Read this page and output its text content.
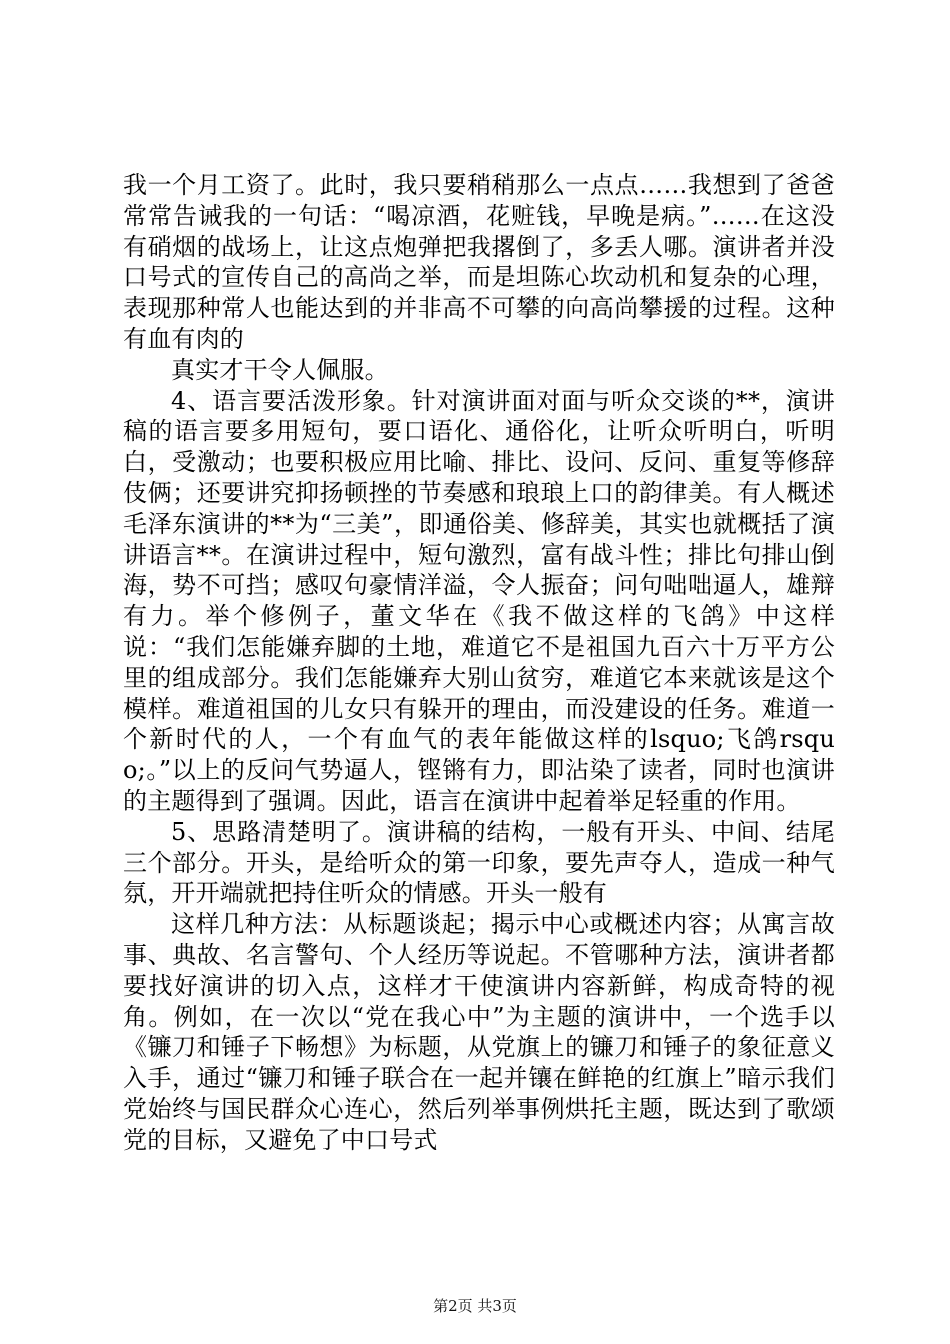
我一个月工资了。此时，我只要稍稍那么一点点……我想到了爸爸常常告诫我的一句话：“喝凉酒，花赃钱，早晚是病。”……在这没有硝烟的战场上，让这点炮弹把我撂倒了，多丢人哪。演讲者并没口号式的宣传自己的高尚之举，而是坦陈心坎动机和复杂的心理，表现那种常人也能达到的并非高不可攀的向高尚攀援的过程。这种有血有肉的

真实才干令人佩服。

4、语言要活泼形象。针对演讲面对面与听众交谈的**，演讲稿的语言要多用短句，要口语化、通俗化，让听众听明白，听明白，受激动；也要积极应用比喻、排比、设问、反问、重复等修辞伎俩；还要讲究抑扬顿挫的节奏感和琅琅上口的韵律美。有人概述毛泽东演讲的**为“三美”，即通俗美、修辞美，其实也就概括了演讲语言**。在演讲过程中，短句激烈，富有战斗性；排比句排山倒海，势不可挡；感叹句豪情洋溢，令人振奋；问句咄咄逼人，雄辩有力。举个修例子，董文华在《我不做这样的飞鸽》中这样说：“我们怎能嫌弃脚的土地，难道它不是祖国九百六十万平方公里的组成部分。我们怎能嫌弃大别山贫穷，难道它本来就该是这个模样。难道祖国的儿女只有躲开的理由，而没建设的任务。难道一个新时代的人，一个有血气的表年能做这样的lsquo;飞鸽rsquo;。”以上的反问气势逼人，铿锵有力，即沾染了读者，同时也演讲的主题得到了强调。因此，语言在演讲中起着举足轻重的作用。

5、思路清楚明了。演讲稿的结构，一般有开头、中间、结尾三个部分。开头，是给听众的第一印象，要先声夺人，造成一种气氛，开开端就把持住听众的情感。开头一般有

这样几种方法：从标题谈起；揭示中心或概述内容；从寓言故事、典故、名言警句、个人经历等说起。不管哪种方法，演讲者都要找好演讲的切入点，这样才干使演讲内容新鲜，构成奇特的视角。例如，在一次以“党在我心中”为主题的演讲中，一个选手以《镰刀和锤子下畅想》为标题，从党旗上的镰刀和锤子的象征意义入手，通过“镰刀和锤子联合在一起并镶在鲜艳的红旗上”暗示我们党始终与国民群众心连心，然后列举事例烘托主题，既达到了歌颂党的目标，又避免了中口号式

第2页 共3页
